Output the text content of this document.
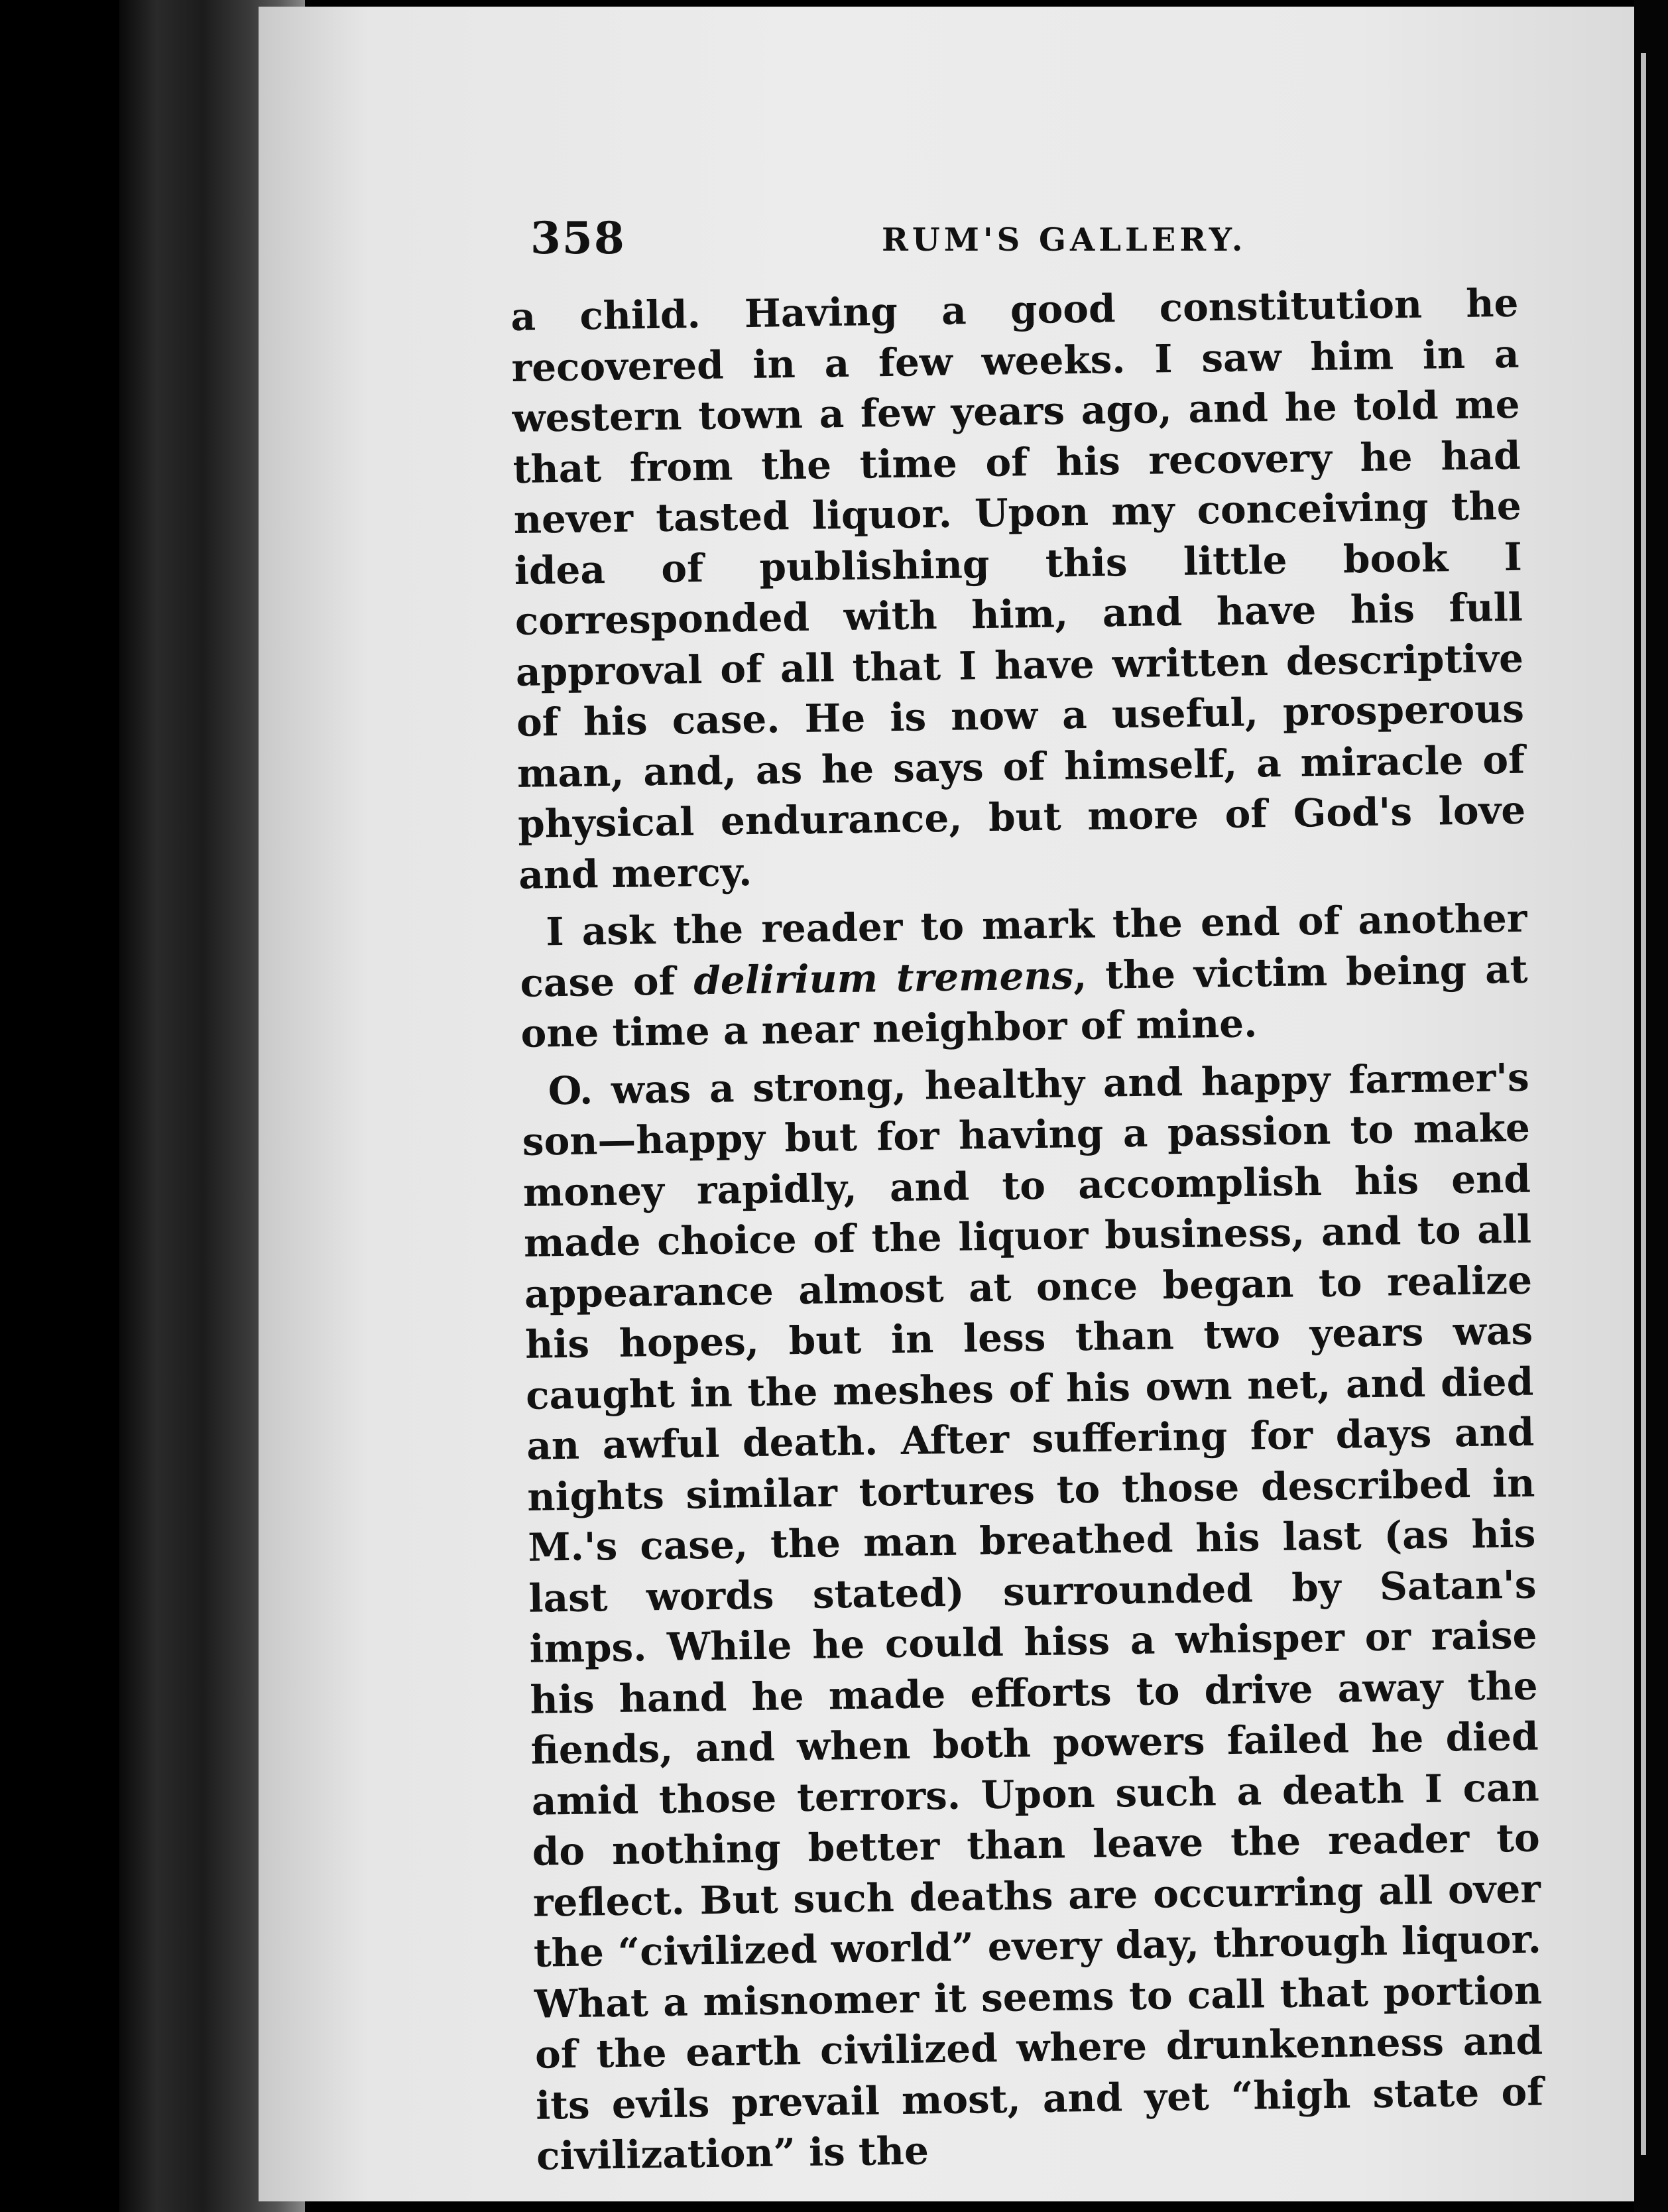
358	RUM'S GALLERY.

a child. Having a good constitution he recovered in a few weeks. I saw him in a western town a few years ago, and he told me that from the time of his recovery he had never tasted liquor. Upon my conceiving the idea of publishing this little book I corresponded with him, and have his full approval of all that I have written descriptive of his case. He is now a useful, prosperous man, and, as he says of himself, a miracle of physical endurance, but more of God's love and mercy.

I ask the reader to mark the end of another case of delirium tremens, the victim being at one time a near neighbor of mine.

O. was a strong, healthy and happy farmer's son—happy but for having a passion to make money rapidly, and to accomplish his end made choice of the liquor business, and to all appearance almost at once began to realize his hopes, but in less than two years was caught in the meshes of his own net, and died an awful death. After suffering for days and nights similar tortures to those described in M.'s case, the man breathed his last (as his last words stated) surrounded by Satan's imps. While he could hiss a whisper or raise his hand he made efforts to drive away the fiends, and when both powers failed he died amid those terrors. Upon such a death I can do nothing better than leave the reader to reflect. But such deaths are occurring all over the “civilized world” every day, through liquor. What a misnomer it seems to call that portion of the earth civilized where drunkenness and its evils prevail most, and yet “high state of civilization” is the
